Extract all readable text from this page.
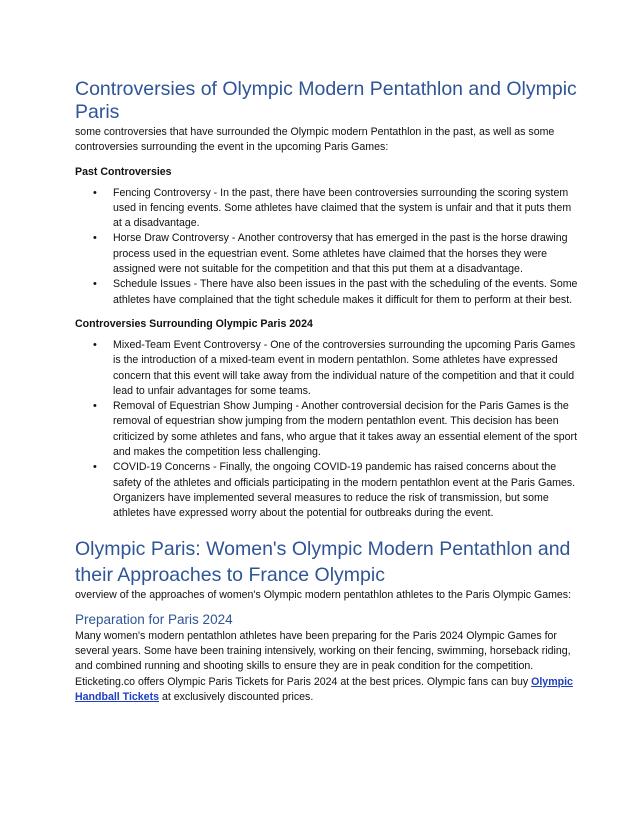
Controversies of Olympic Modern Pentathlon and Olympic Paris

some controversies that have surrounded the Olympic modern Pentathlon in the past, as well as some controversies surrounding the event in the upcoming Paris Games:

Past Controversies
• Fencing Controversy - In the past, there have been controversies surrounding the scoring system used in fencing events. Some athletes have claimed that the system is unfair and that it puts them at a disadvantage.
• Horse Draw Controversy - Another controversy that has emerged in the past is the horse drawing process used in the equestrian event. Some athletes have claimed that the horses they were assigned were not suitable for the competition and that this put them at a disadvantage.
• Schedule Issues - There have also been issues in the past with the scheduling of the events. Some athletes have complained that the tight schedule makes it difficult for them to perform at their best.
Controversies Surrounding Olympic Paris 2024
• Mixed-Team Event Controversy - One of the controversies surrounding the upcoming Paris Games is the introduction of a mixed-team event in modern pentathlon. Some athletes have expressed concern that this event will take away from the individual nature of the competition and that it could lead to unfair advantages for some teams.
• Removal of Equestrian Show Jumping - Another controversial decision for the Paris Games is the removal of equestrian show jumping from the modern pentathlon event. This decision has been criticized by some athletes and fans, who argue that it takes away an essential element of the sport and makes the competition less challenging.
• COVID-19 Concerns - Finally, the ongoing COVID-19 pandemic has raised concerns about the safety of the athletes and officials participating in the modern pentathlon event at the Paris Games. Organizers have implemented several measures to reduce the risk of transmission, but some athletes have expressed worry about the potential for outbreaks during the event.
Olympic Paris: Women's Olympic Modern Pentathlon and their Approaches to France Olympic

overview of the approaches of women's Olympic modern pentathlon athletes to the Paris Olympic Games:

Preparation for Paris 2024

Many women's modern pentathlon athletes have been preparing for the Paris 2024 Olympic Games for several years. Some have been training intensively, working on their fencing, swimming, horseback riding, and combined running and shooting skills to ensure they are in peak condition for the competition. Eticketing.co offers Olympic Paris Tickets for Paris 2024 at the best prices. Olympic fans can buy Olympic Handball Tickets at exclusively discounted prices.
